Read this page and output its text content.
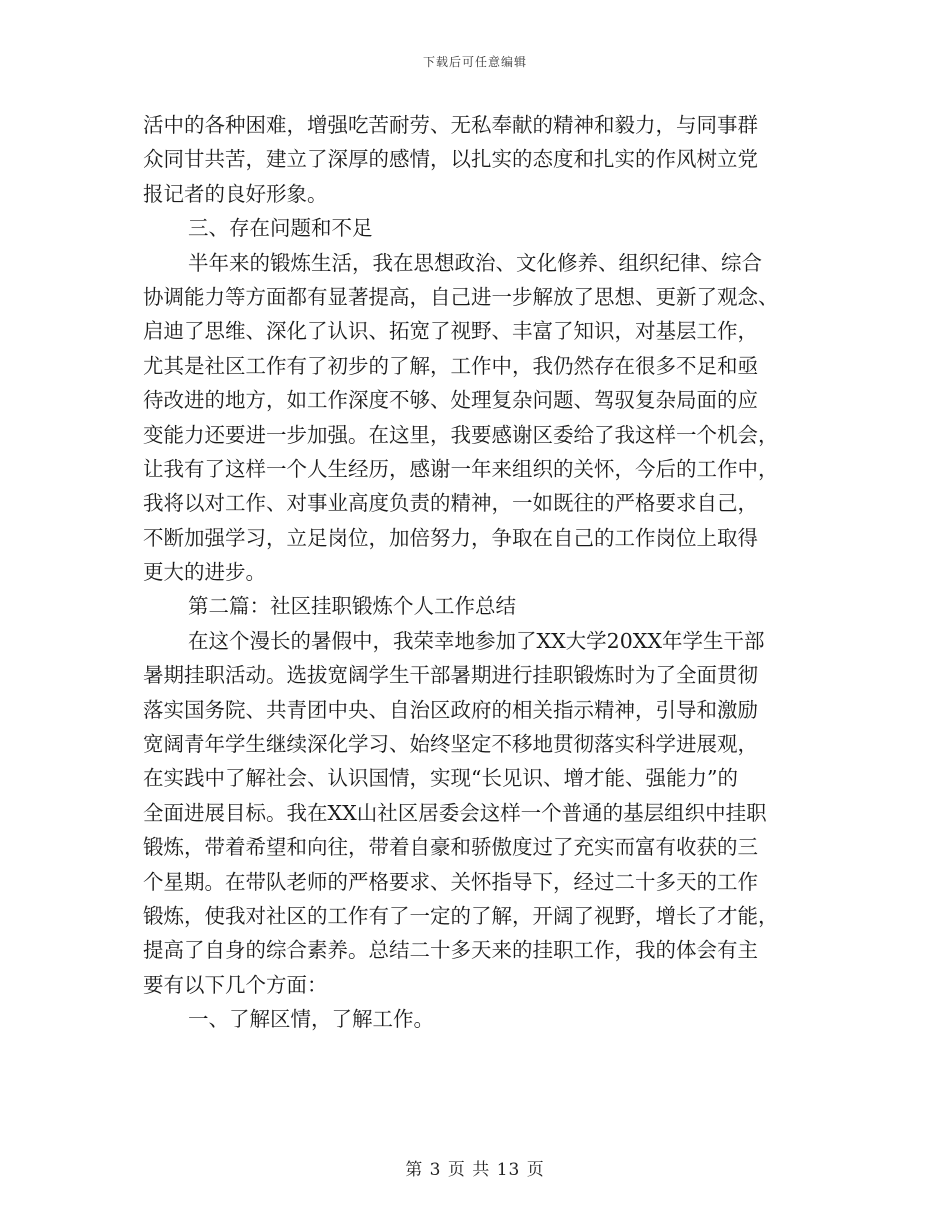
下载后可任意编辑
活中的各种困难，增强吃苦耐劳、无私奉献的精神和毅力，与同事群
众同甘共苦，建立了深厚的感情，以扎实的态度和扎实的作风树立党
报记者的良好形象。
三、存在问题和不足
半年来的锻炼生活，我在思想政治、文化修养、组织纪律、综合
协调能力等方面都有显著提高，自己进一步解放了思想、更新了观念、
启迪了思维、深化了认识、拓宽了视野、丰富了知识，对基层工作，
尤其是社区工作有了初步的了解，工作中，我仍然存在很多不足和亟
待改进的地方，如工作深度不够、处理复杂问题、驾驭复杂局面的应
变能力还要进一步加强。在这里，我要感谢区委给了我这样一个机会，
让我有了这样一个人生经历，感谢一年来组织的关怀，今后的工作中，
我将以对工作、对事业高度负责的精神，一如既往的严格要求自己，
不断加强学习，立足岗位，加倍努力，争取在自己的工作岗位上取得
更大的进步。
第二篇：社区挂职锻炼个人工作总结
在这个漫长的暑假中，我荣幸地参加了XX大学20XX年学生干部
暑期挂职活动。选拔宽阔学生干部暑期进行挂职锻炼时为了全面贯彻
落实国务院、共青团中央、自治区政府的相关指示精神，引导和激励
宽阔青年学生继续深化学习、始终坚定不移地贯彻落实科学进展观，
在实践中了解社会、认识国情，实现“长见识、增才能、强能力”的
全面进展目标。我在XX山社区居委会这样一个普通的基层组织中挂职
锻炼，带着希望和向往，带着自豪和骄傲度过了充实而富有收获的三
个星期。在带队老师的严格要求、关怀指导下，经过二十多天的工作
锻炼，使我对社区的工作有了一定的了解，开阔了视野，增长了才能，
提高了自身的综合素养。总结二十多天来的挂职工作，我的体会有主
要有以下几个方面：
一、了解区情，了解工作。
第 3 页 共 13 页
